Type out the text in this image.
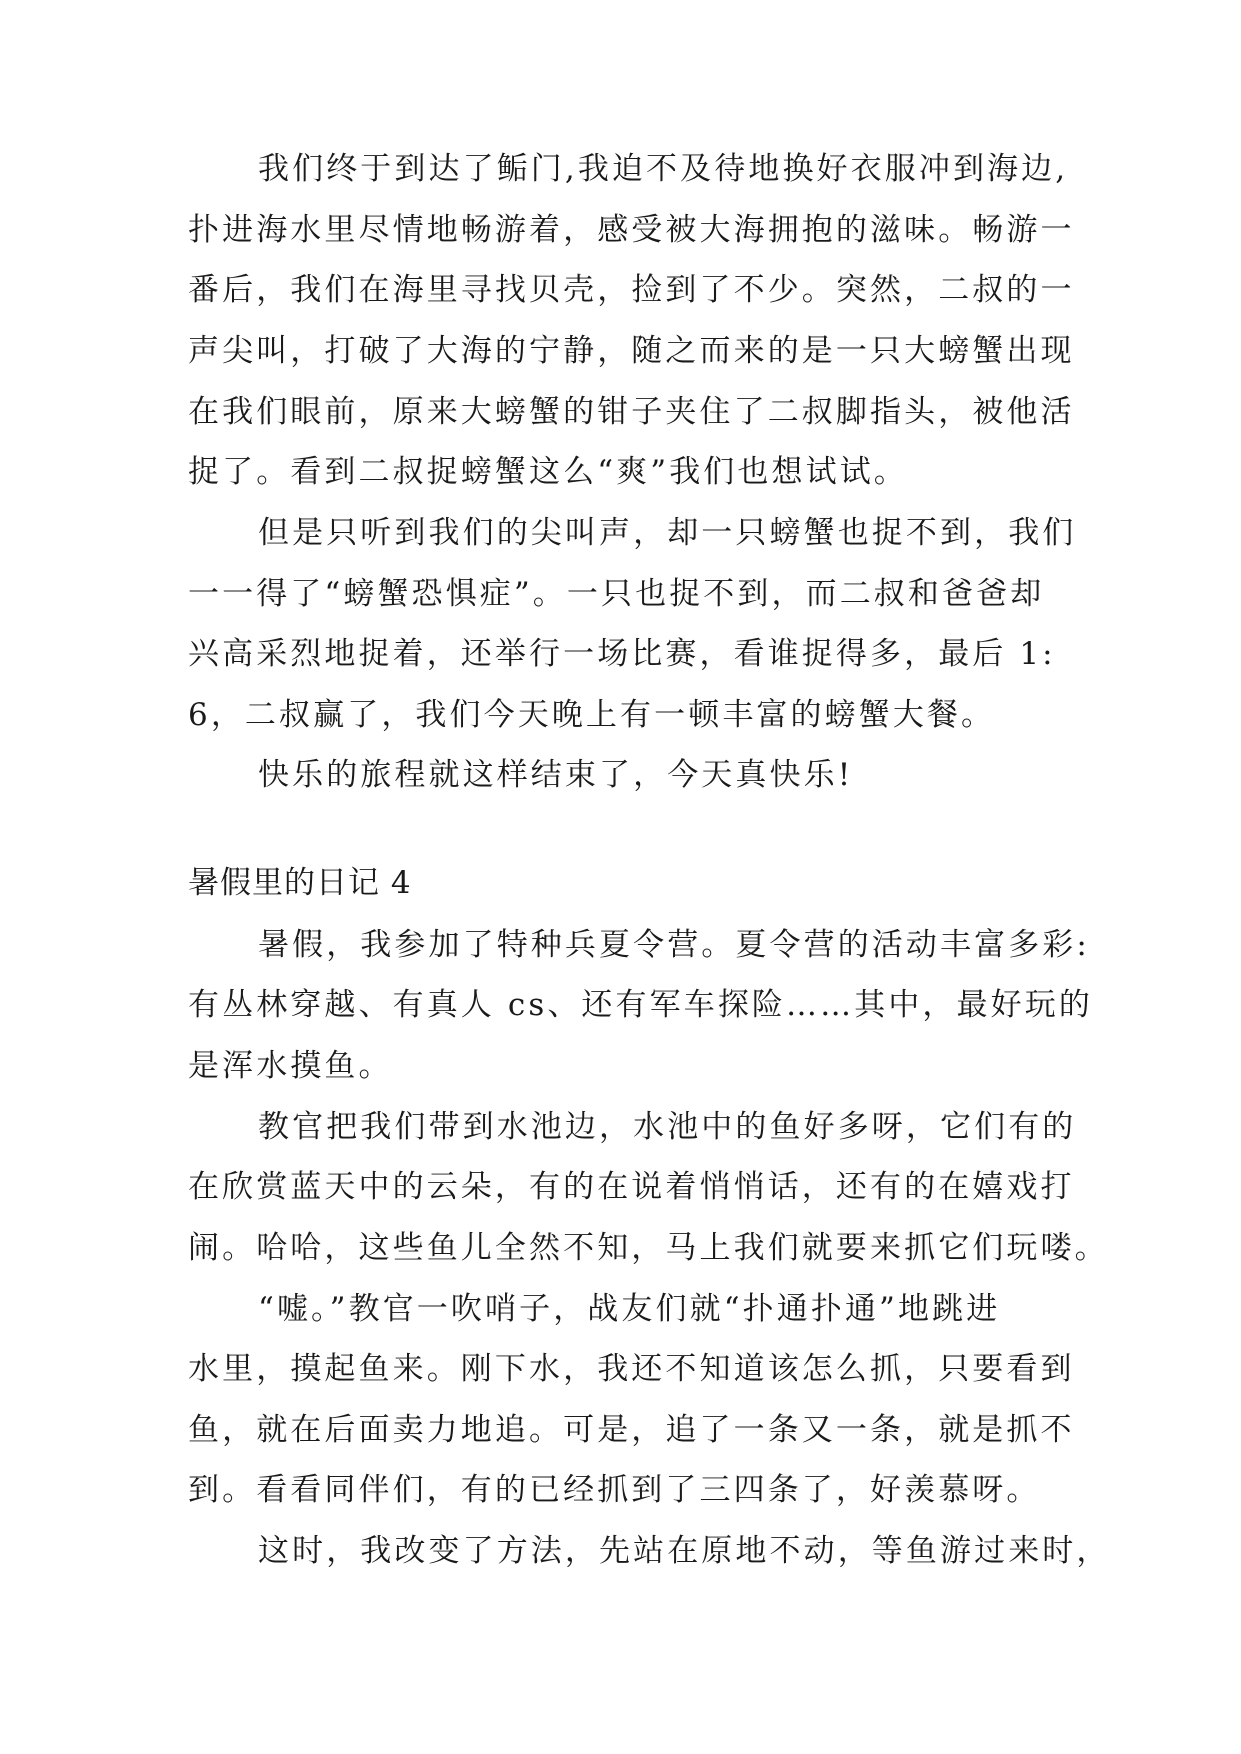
我们终于到达了鲘门,我迫不及待地换好衣服冲到海边,
扑进海水里尽情地畅游着，感受被大海拥抱的滋味。畅游一
番后，我们在海里寻找贝壳，捡到了不少。突然，二叔的一
声尖叫，打破了大海的宁静，随之而来的是一只大螃蟹出现
在我们眼前，原来大螃蟹的钳子夹住了二叔脚指头，被他活
捉了。看到二叔捉螃蟹这么“爽”我们也想试试。
但是只听到我们的尖叫声，却一只螃蟹也捉不到，我们
一一得了“螃蟹恐惧症”。一只也捉不到，而二叔和爸爸却
兴高采烈地捉着，还举行一场比赛，看谁捉得多，最后 1:
6，二叔赢了，我们今天晚上有一顿丰富的螃蟹大餐。
快乐的旅程就这样结束了，今天真快乐!
暑假里的日记 4
暑假，我参加了特种兵夏令营。夏令营的活动丰富多彩:
有丛林穿越、有真人 cs、还有军车探险……其中，最好玩的
是浑水摸鱼。
教官把我们带到水池边，水池中的鱼好多呀，它们有的
在欣赏蓝天中的云朵，有的在说着悄悄话，还有的在嬉戏打
闹。哈哈，这些鱼儿全然不知，马上我们就要来抓它们玩喽。
“嘘。”教官一吹哨子，战友们就“扑通扑通”地跳进
水里，摸起鱼来。刚下水，我还不知道该怎么抓，只要看到
鱼，就在后面卖力地追。可是，追了一条又一条，就是抓不
到。看看同伴们，有的已经抓到了三四条了，好羡慕呀。
这时，我改变了方法，先站在原地不动，等鱼游过来时，
